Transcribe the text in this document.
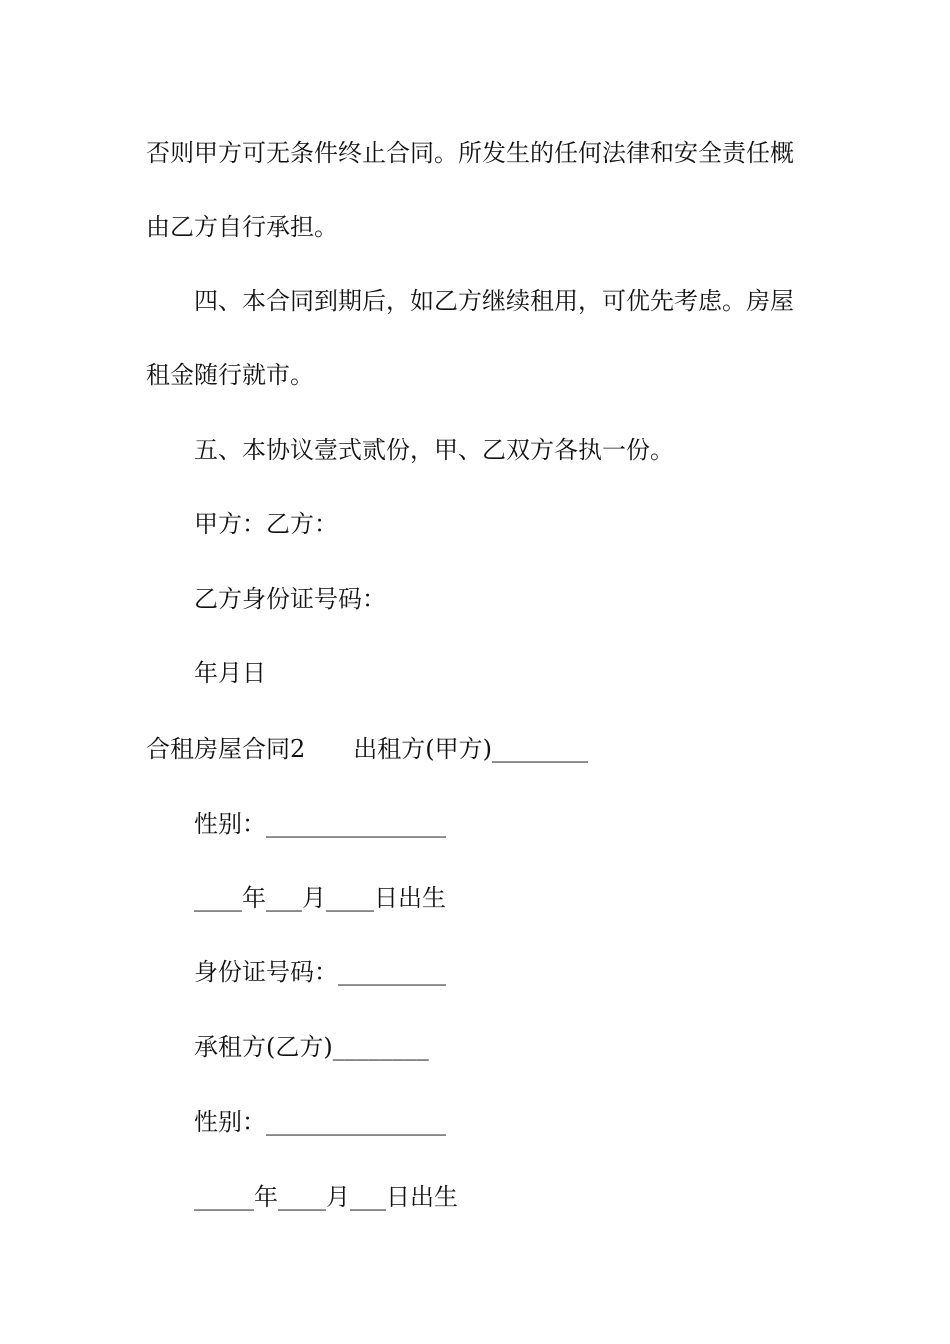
否则甲方可无条件终止合同。所发生的任何法律和安全责任概

由乙方自行承担。

四、本合同到期后，如乙方继续租用，可优先考虑。房屋

租金随行就市。

五、本协议壹式贰份，甲、乙双方各执一份。

甲方：乙方：

乙方身份证号码：

年月日

合租房屋合同2　　出租方(甲方)________

性别：_______________

____年___月____日出生

身份证号码：_________

承租方(乙方)________

性别：_______________

_____年____月___日出生
